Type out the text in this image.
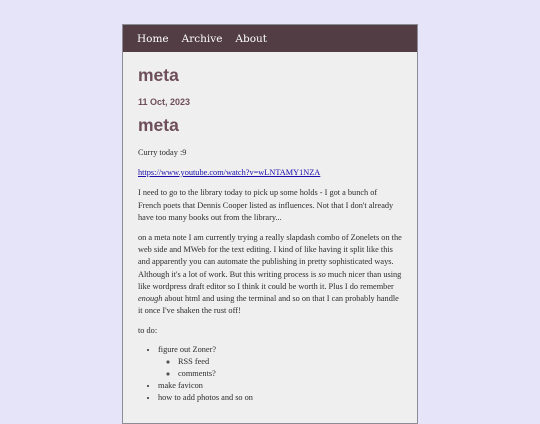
Home Archive About
meta
11 Oct, 2023
meta

Curry today :9

https://www.youtube.com/watch?v=wLNTAMY1NZA

I need to go to the library today to pick up some holds - I got a bunch of French poets that Dennis Cooper listed as influences. Not that I don't already have too many books out from the library...

on a meta note I am currently trying a really slapdash combo of Zonelets on the web side and MWeb for the text editing. I kind of like having it split like this and apparently you can automate the publishing in pretty sophisticated ways. Although it's a lot of work. But this writing process is so much nicer than using like wordpress draft editor so I think it could be worth it. Plus I do remember enough about html and using the terminal and so on that I can probably handle it once I've shaken the rust off!

to do:

• figure out Zoner?
◦ RSS feed
◦ comments?
• make favicon
• how to add photos and so on
